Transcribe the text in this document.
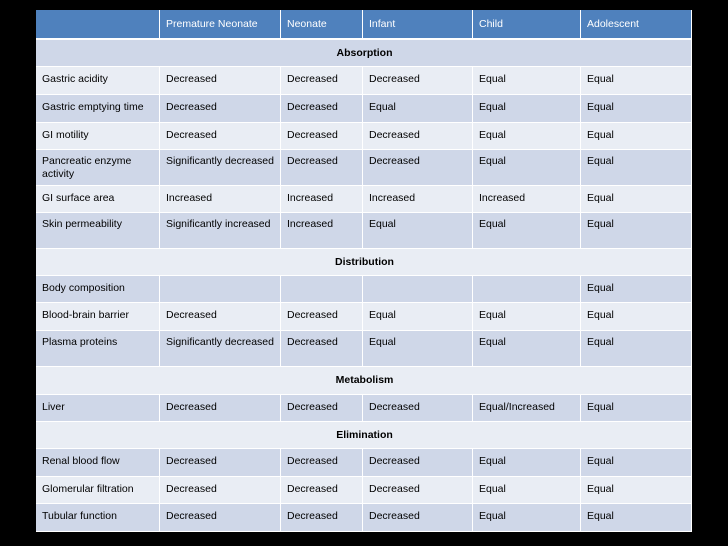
	Premature Neonate	Neonate	Infant	Child	Adolescent
Absorption					
Gastric acidity	Decreased	Decreased	Decreased	Equal	Equal
Gastric emptying time	Decreased	Decreased	Equal	Equal	Equal
GI motility	Decreased	Decreased	Decreased	Equal	Equal
Pancreatic enzyme activity	Significantly decreased	Decreased	Decreased	Equal	Equal
GI surface area	Increased	Increased	Increased	Increased	Equal
Skin permeability	Significantly increased	Increased	Equal	Equal	Equal
Distribution					
Body composition					Equal
Blood-brain barrier	Decreased	Decreased	Equal	Equal	Equal
Plasma proteins	Significantly decreased	Decreased	Equal	Equal	Equal
Metabolism					
Liver	Decreased	Decreased	Decreased	Equal/Increased	Equal
Elimination					
Renal blood flow	Decreased	Decreased	Decreased	Equal	Equal
Glomerular filtration	Decreased	Decreased	Decreased	Equal	Equal
Tubular function	Decreased	Decreased	Decreased	Equal	Equal
